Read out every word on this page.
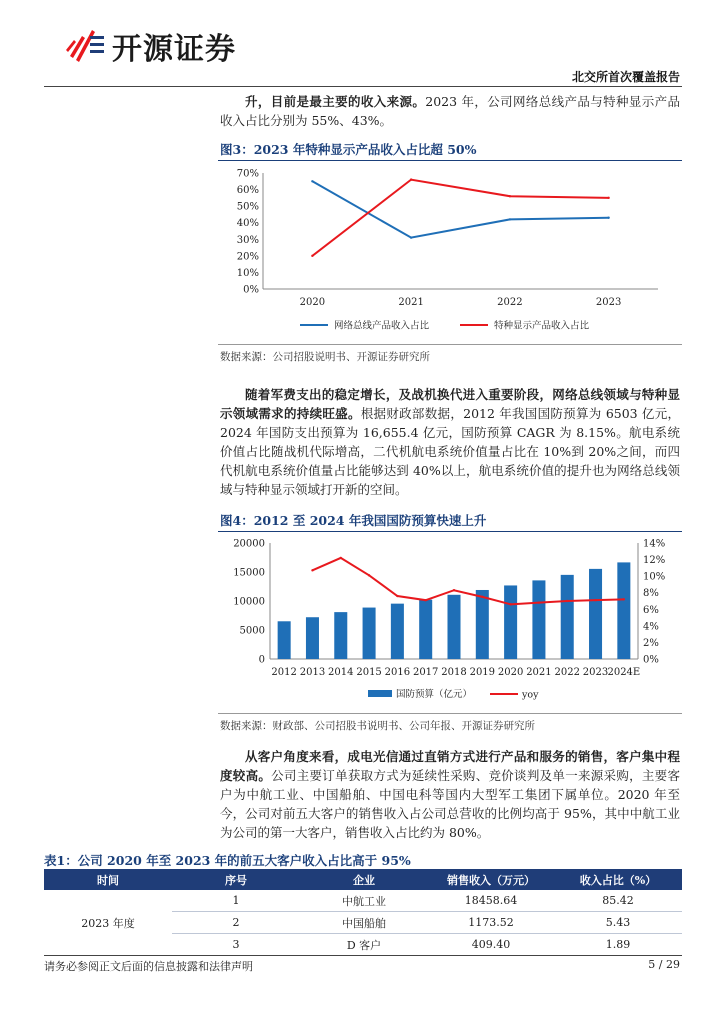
开源证券
北交所首次覆盖报告

升，目前是最主要的收入来源。2023 年，公司网络总线产品与特种显示产品收入占比分别为 55%、43%。

图3：2023 年特种显示产品收入占比超 50%
0%
10%
20%
30%
40%
50%
60%
70%
2020	2021	2022	2023
网络总线产品收入占比	特种显示产品收入占比
数据来源：公司招股说明书、开源证券研究所

随着军费支出的稳定增长，及战机换代进入重要阶段，网络总线领域与特种显示领域需求的持续旺盛。根据财政部数据，2012 年我国国防预算为 6503 亿元，2024 年国防支出预算为 16,655.4 亿元，国防预算 CAGR 为 8.15%。航电系统价值占比随战机代际增高，二代机航电系统价值量占比在 10%到 20%之间，而四代机航电系统价值量占比能够达到 40%以上，航电系统价值的提升也为网络总线领域与特种显示领域打开新的空间。

图4：2012 至 2024 年我国国防预算快速上升
0
5000
10000
15000
20000
0%
2%
4%
6%
8%
10%
12%
14%
2012 2013 2014 2015 2016 2017 2018 2019 2020 2021 2022 2023 2024E
国防预算（亿元）	yoy
数据来源：财政部、公司招股书说明书、公司年报、开源证券研究所

从客户角度来看，成电光信通过直销方式进行产品和服务的销售，客户集中程度较高。公司主要订单获取方式为延续性采购、竞价谈判及单一来源采购，主要客户为中航工业、中国船舶、中国电科等国内大型军工集团下属单位。2020 年至今，公司对前五大客户的销售收入占公司总营收的比例均高于 95%，其中中航工业为公司的第一大客户，销售收入占比约为 80%。

表1：公司 2020 年至 2023 年的前五大客户收入占比高于 95%
时间	序号	企业	销售收入（万元）	收入占比（%）
2023 年度	1	中航工业	18458.64	85.42
	2	中国船舶	1173.52	5.43
	3	D 客户	409.40	1.89
请务必参阅正文后面的信息披露和法律声明	5 / 29
